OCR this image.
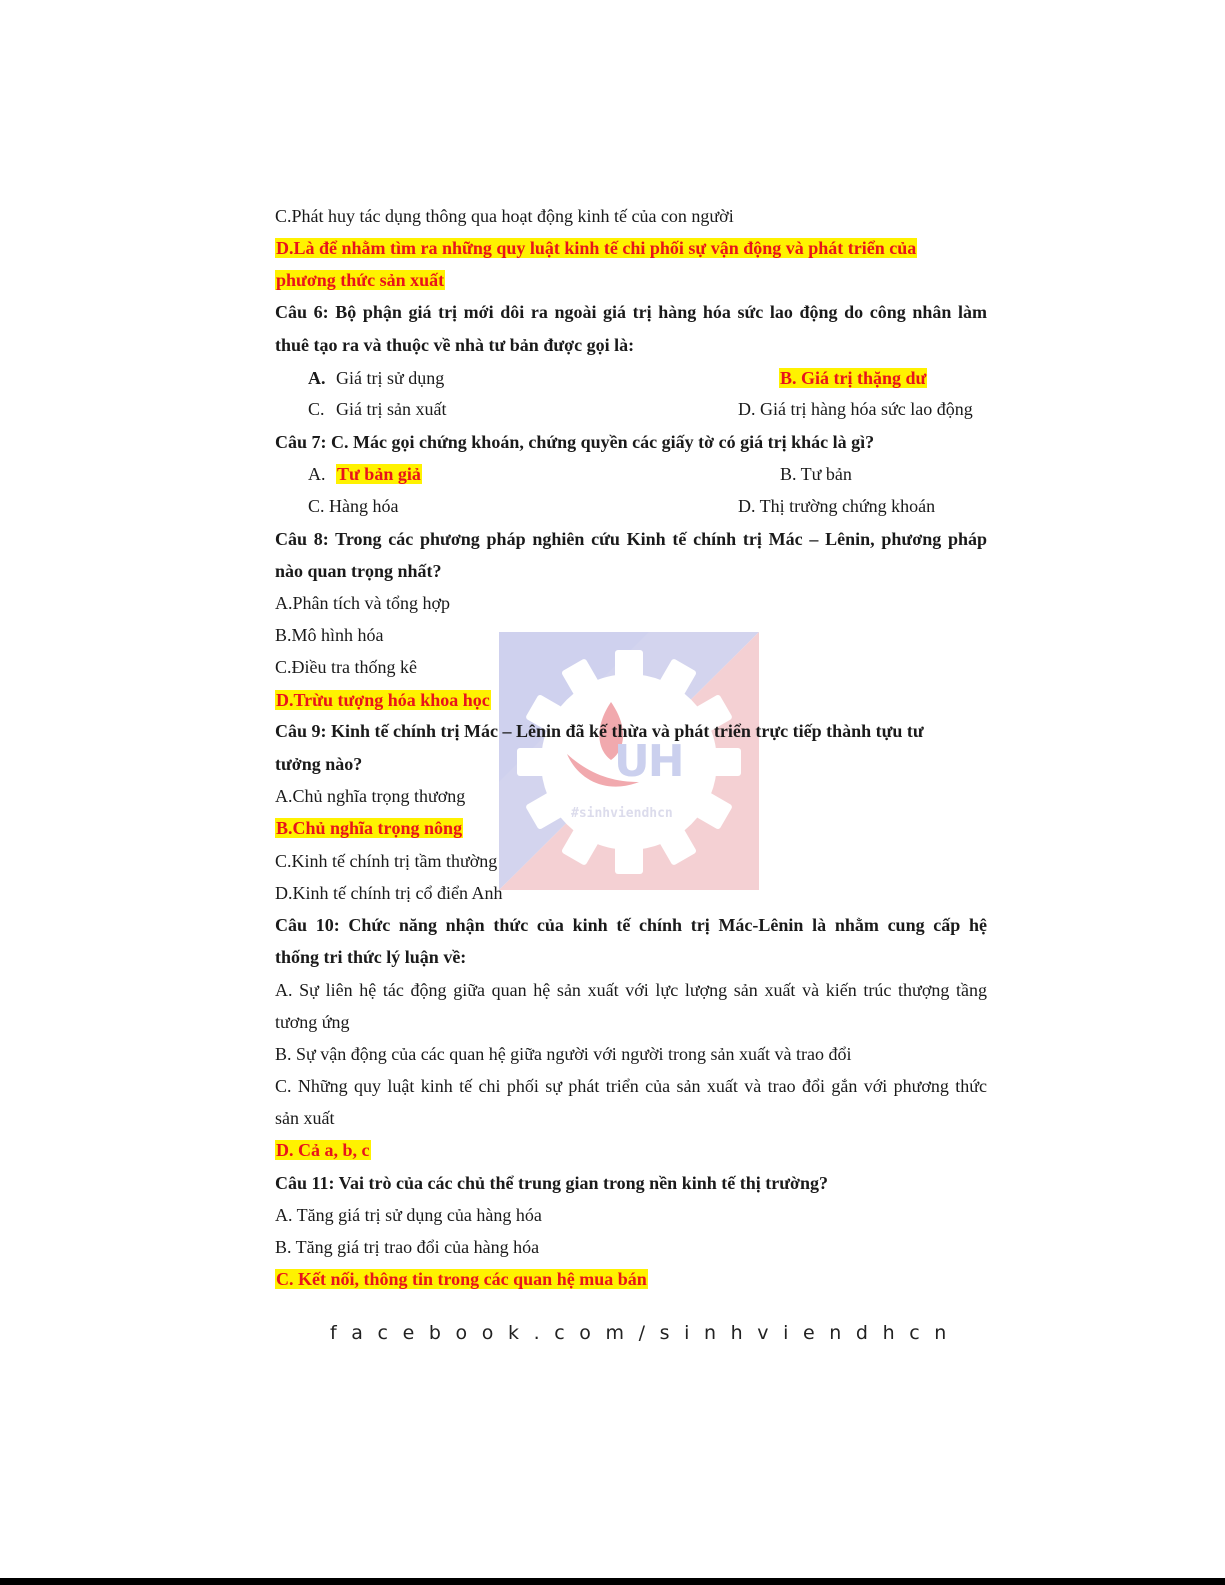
UH
#sinhviendhcn
C.Phát huy tác dụng thông qua hoạt động kinh tế của con người
D.Là để nhằm tìm ra những quy luật kinh tế chi phối sự vận động và phát triển của
phương thức sản xuất
Câu 6: Bộ phận giá trị mới dôi ra ngoài giá trị hàng hóa sức lao động do công nhân làm
thuê tạo ra và thuộc về nhà tư bản được gọi là:
A. Giá trị sử dụng	B. Giá trị thặng dư
C. Giá trị sản xuất	D. Giá trị hàng hóa sức lao động
Câu 7: C. Mác gọi chứng khoán, chứng quyền các giấy tờ có giá trị khác là gì?
A. Tư bản giả	B. Tư bản
C. Hàng hóa	D. Thị trường chứng khoán
Câu 8: Trong các phương pháp nghiên cứu Kinh tế chính trị Mác – Lênin, phương pháp
nào quan trọng nhất?
A.Phân tích và tổng hợp
B.Mô hình hóa
C.Điều tra thống kê
D.Trừu tượng hóa khoa học
Câu 9: Kinh tế chính trị Mác – Lênin đã kế thừa và phát triển trực tiếp thành tựu tư
tưởng nào?
A.Chủ nghĩa trọng thương
B.Chủ nghĩa trọng nông
C.Kinh tế chính trị tầm thường
D.Kinh tế chính trị cổ điển Anh
Câu 10: Chức năng nhận thức của kinh tế chính trị Mác-Lênin là nhằm cung cấp hệ
thống tri thức lý luận về:
A. Sự liên hệ tác động giữa quan hệ sản xuất với lực lượng sản xuất và kiến trúc thượng tầng
tương ứng
B. Sự vận động của các quan hệ giữa người với người trong sản xuất và trao đổi
C. Những quy luật kinh tế chi phối sự phát triển của sản xuất và trao đổi gắn với phương thức
sản xuất
D. Cả a, b, c
Câu 11: Vai trò của các chủ thể trung gian trong nền kinh tế thị trường?
A. Tăng giá trị sử dụng của hàng hóa
B. Tăng giá trị trao đổi của hàng hóa
C. Kết nối, thông tin trong các quan hệ mua bán
facebook.com/sinhviendhcn
